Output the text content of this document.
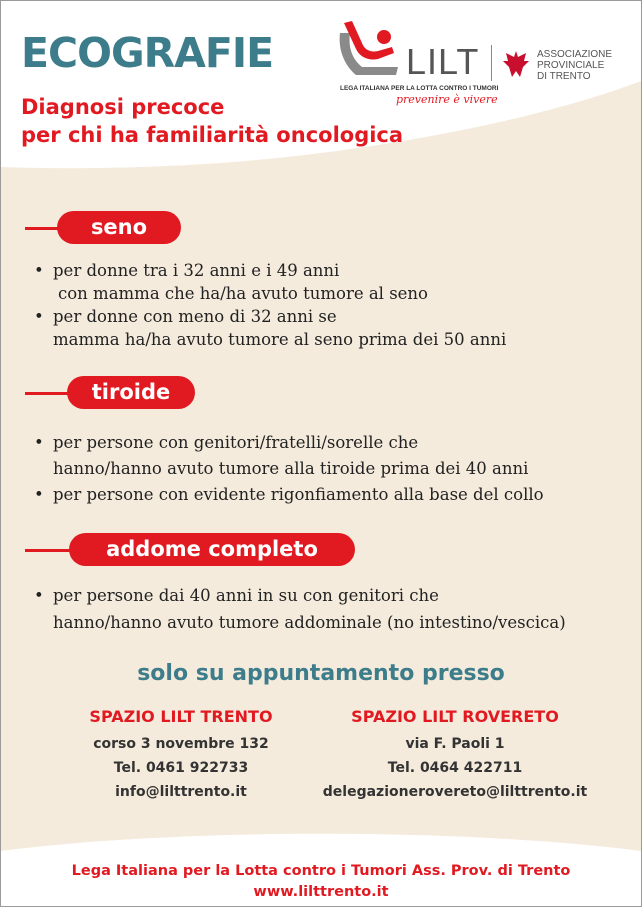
ECOGRAFIE
Diagnosi precoce
per chi ha familiarità oncologica
LILT	ASSOCIAZIONE
PROVINCIALE
DI TRENTO
LEGA ITALIANA PER LA LOTTA CONTRO I TUMORI
prevenire è vivere
seno
• per donne tra i 32 anni e i 49 anni
con mamma che ha/ha avuto tumore al seno
• per donne con meno di 32 anni se
mamma ha/ha avuto tumore al seno prima dei 50 anni
tiroide
• per persone con genitori/fratelli/sorelle che
hanno/hanno avuto tumore alla tiroide prima dei 40 anni
• per persone con evidente rigonfiamento alla base del collo
addome completo
• per persone dai 40 anni in su con genitori che
hanno/hanno avuto tumore addominale (no intestino/vescica)
solo su appuntamento presso
SPAZIO LILT TRENTO
corso 3 novembre 132
Tel. 0461 922733
info@lilttrento.it
SPAZIO LILT ROVERETO
via F. Paoli 1
Tel. 0464 422711
delegazionerovereto@lilttrento.it
Lega Italiana per la Lotta contro i Tumori Ass. Prov. di Trento
www.lilttrento.it
